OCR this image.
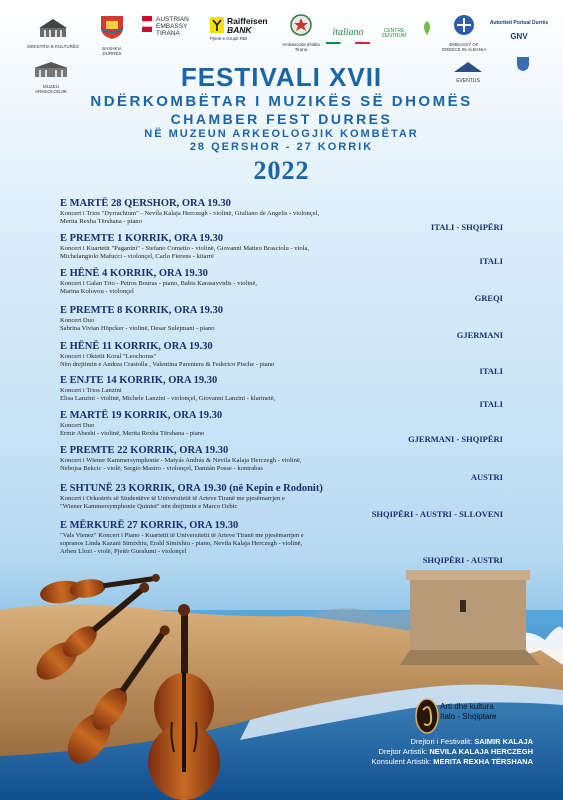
MINISTRIA E KULTURËS	BASHKIA DURRES
AUSTRIAN
EMBASSY
TIRANA
Raiffeisen
BANK
Pjesë e Grupit RBI
Ambasciata d'Italia Tirana
italiano	CENTRE ZENTRUM
EMBASSY OF GREECE IN ALBANIA
Autoriteti Portual Durrës
GNV
MUZEU ARKEOLOGJIK
EVENTUS
FESTIVALI XVII
NDËRKOMBËTAR I MUZIKËS SË DHOMËS
CHAMBER FEST DURRES
NË MUZEUN ARKEOLOGJIK KOMBËTAR
28 QERSHOR - 27 KORRIK
2022
E MARTË 28 QERSHOR, ORA 19.30
Koncert i Trios "Dyrrachium" - Nevila Kalaja Herczegh - violinë, Giuliano de Angelis - violonçel,
Merita Rexha Tërshana - piano
ITALI - SHQIPËRI
E PREMTE 1 KORRIK, ORA 19.30
Koncert i Kuartetit "Paganini" - Stefano Cometto - violinë, Giovanni Matteo Brasciolu - viola,
Michelangiolo Mafucci - violonçel, Carlo Fierens - kitarrë	ITALI
E HËNË 4 KORRIK, ORA 19.30
Koncert i Galan Trio - Petros Bouras - piano, Babis Karasavvidis - violinë,
Marina Kolovou - violonçel
GREQI
E PREMTE 8 KORRIK, ORA 19.30
Koncert Duo
Sabrina Vivian Höpcker - violinë, Desar Sulejmani - piano
GJERMANI
E HËNË 11 KORRIK, ORA 19.30
Koncert i Oktetit Koral "Leochorus"
Nën drejtimin e Andrea Crastolla , Valentina Parentera & Federico Pische - piano
ITALI
E ENJTE 14 KORRIK, ORA 19.30
Koncert i Trios Lanzini
Elisa Lanzini - violinë, Michele Lanzini - violonçel, Giovanni Lanzini - klarinetë,
ITALI
E MARTË 19 KORRIK, ORA 19.30
Koncert Duo
Ermir Abeshi - violinë, Merita Rexha Tërshana - piano
GJERMANI - SHQIPËRI
E PREMTE 22 KORRIK, ORA 19.30
Koncert i Wiener Kammersymphonie - Matyás András & Nevila Kalaja Herczegh - violinë,
Nebojsa Bekcic - violë, Sergio Mastro - violonçel, Damián Posse - kontrabas
AUSTRI
E SHTUNË 23 KORRIK, ORA 19.30 (në Kepin e Rodonit)
Koncert i Orkestrës së Studentëve të Universitetit të Arteve Tiranë me pjesëmarrjen e
"Wiener Kammersymphonie Quintet" nën drejtimin e Marco Ozbic
SHQIPËRI - AUSTRI - SLLOVENI
E MËRKURË 27 KORRIK, ORA 19.30
"Vals Vienez" Koncert i Piano - Kuartetit të Universitetit të Arteve Tiranë me pjesëmarrjen e
sopranos Linda Kazani Simixhiu, Erald Simixhiu - piano, Nevila Kalaja Herczegh - violinë,
Arben Llozi - violë, Pjetër Guralumi - violonçel
SHQIPËRI - AUSTRI
Arti dhe kultura
Italo - Shqiptare
Drejtori i Festivalit: SAIMIR KALAJA
Drejtor Artistik: NEVILA KALAJA HERCZEGH
Konsulent Artistik: MERITA REXHA TËRSHANA
